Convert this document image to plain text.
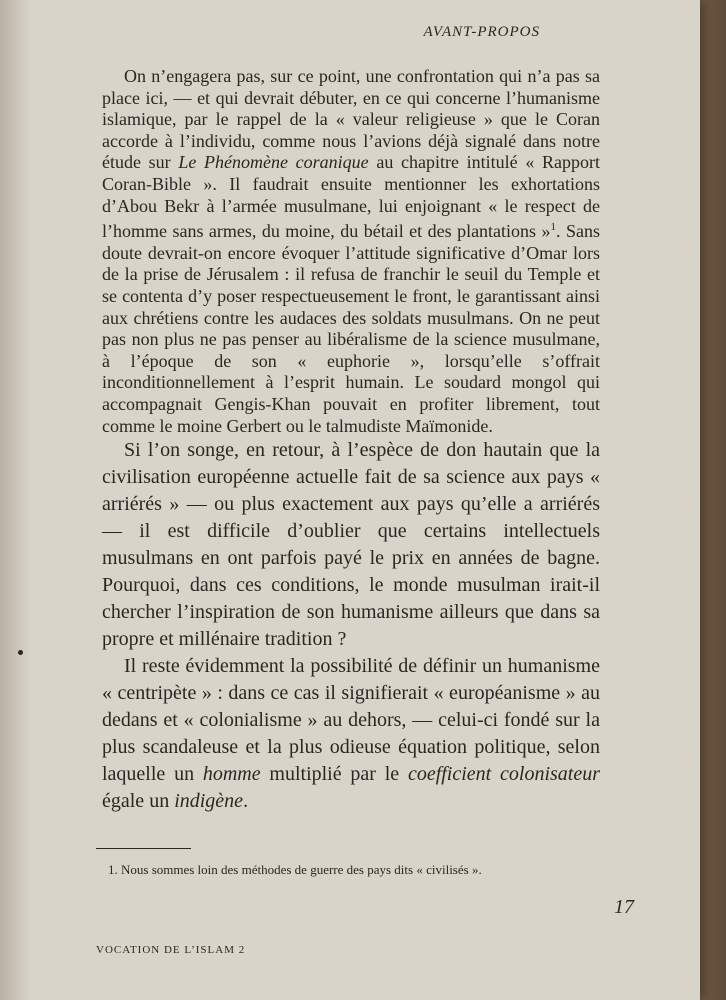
AVANT-PROPOS

On n’engagera pas, sur ce point, une confrontation qui n’a pas sa place ici, — et qui devrait débuter, en ce qui concerne l’humanisme islamique, par le rappel de la « valeur religieuse » que le Coran accorde à l’individu, comme nous l’avions déjà signalé dans notre étude sur Le Phénomène coranique au chapitre intitulé « Rapport Coran-Bible ». Il faudrait ensuite mentionner les exhortations d’Abou Bekr à l’armée musulmane, lui enjoignant « le respect de l’homme sans armes, du moine, du bétail et des plantations »$^1$. Sans doute devrait-on encore évoquer l’attitude significative d’Omar lors de la prise de Jérusalem : il refusa de franchir le seuil du Temple et se contenta d’y poser respectueusement le front, le garantissant ainsi aux chrétiens contre les audaces des soldats musulmans. On ne peut pas non plus ne pas penser au libéralisme de la science musulmane, à l’époque de son « euphorie », lorsqu’elle s’offrait inconditionnellement à l’esprit humain. Le soudard mongol qui accompagnait Gengis-Khan pouvait en profiter librement, tout comme le moine Gerbert ou le talmudiste Maïmonide.

Si l’on songe, en retour, à l’espèce de don hautain que la civilisation européenne actuelle fait de sa science aux pays « arriérés » — ou plus exactement aux pays qu’elle a arriérés — il est difficile d’oublier que certains intellectuels musulmans en ont parfois payé le prix en années de bagne. Pourquoi, dans ces conditions, le monde musulman irait-il chercher l’inspiration de son humanisme ailleurs que dans sa propre et millénaire tradition ?

Il reste évidemment la possibilité de définir un humanisme « centripète » : dans ce cas il signifierait « européanisme » au dedans et « colonialisme » au dehors, — celui-ci fondé sur la plus scandaleuse et la plus odieuse équation politique, selon laquelle un homme multiplié par le coefficient colonisateur égale un indigène.

1. Nous sommes loin des méthodes de guerre des pays dits « civilisés ».
17
VOCATION DE L’ISLAM 2
